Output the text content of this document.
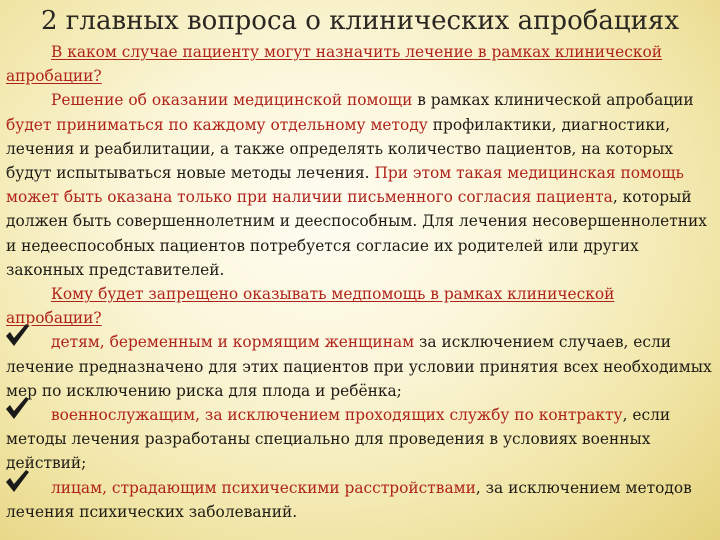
2 главных вопроса о клинических апробациях

В каком случае пациенту могут назначить лечение в рамках клинической апробации?

Решение об оказании медицинской помощи в рамках клинической апробации будет приниматься по каждому отдельному методу профилактики, диагностики, лечения и реабилитации, а также определять количество пациентов, на которых будут испытываться новые методы лечения. При этом такая медицинская помощь может быть оказана только при наличии письменного согласия пациента, который должен быть совершеннолетним и дееспособным. Для лечения несовершеннолетних и недееспособных пациентов потребуется согласие их родителей или других законных представителей.

Кому будет запрещено оказывать медпомощь в рамках клинической апробации?

детям, беременным и кормящим женщинам за исключением случаев, если лечение предназначено для этих пациентов при условии принятия всех необходимых мер по исключению риска для плода и ребёнка;

военнослужащим, за исключением проходящих службу по контракту, если методы лечения разработаны специально для проведения в условиях военных действий;

лицам, страдающим психическими расстройствами, за исключением методов лечения психических заболеваний.
